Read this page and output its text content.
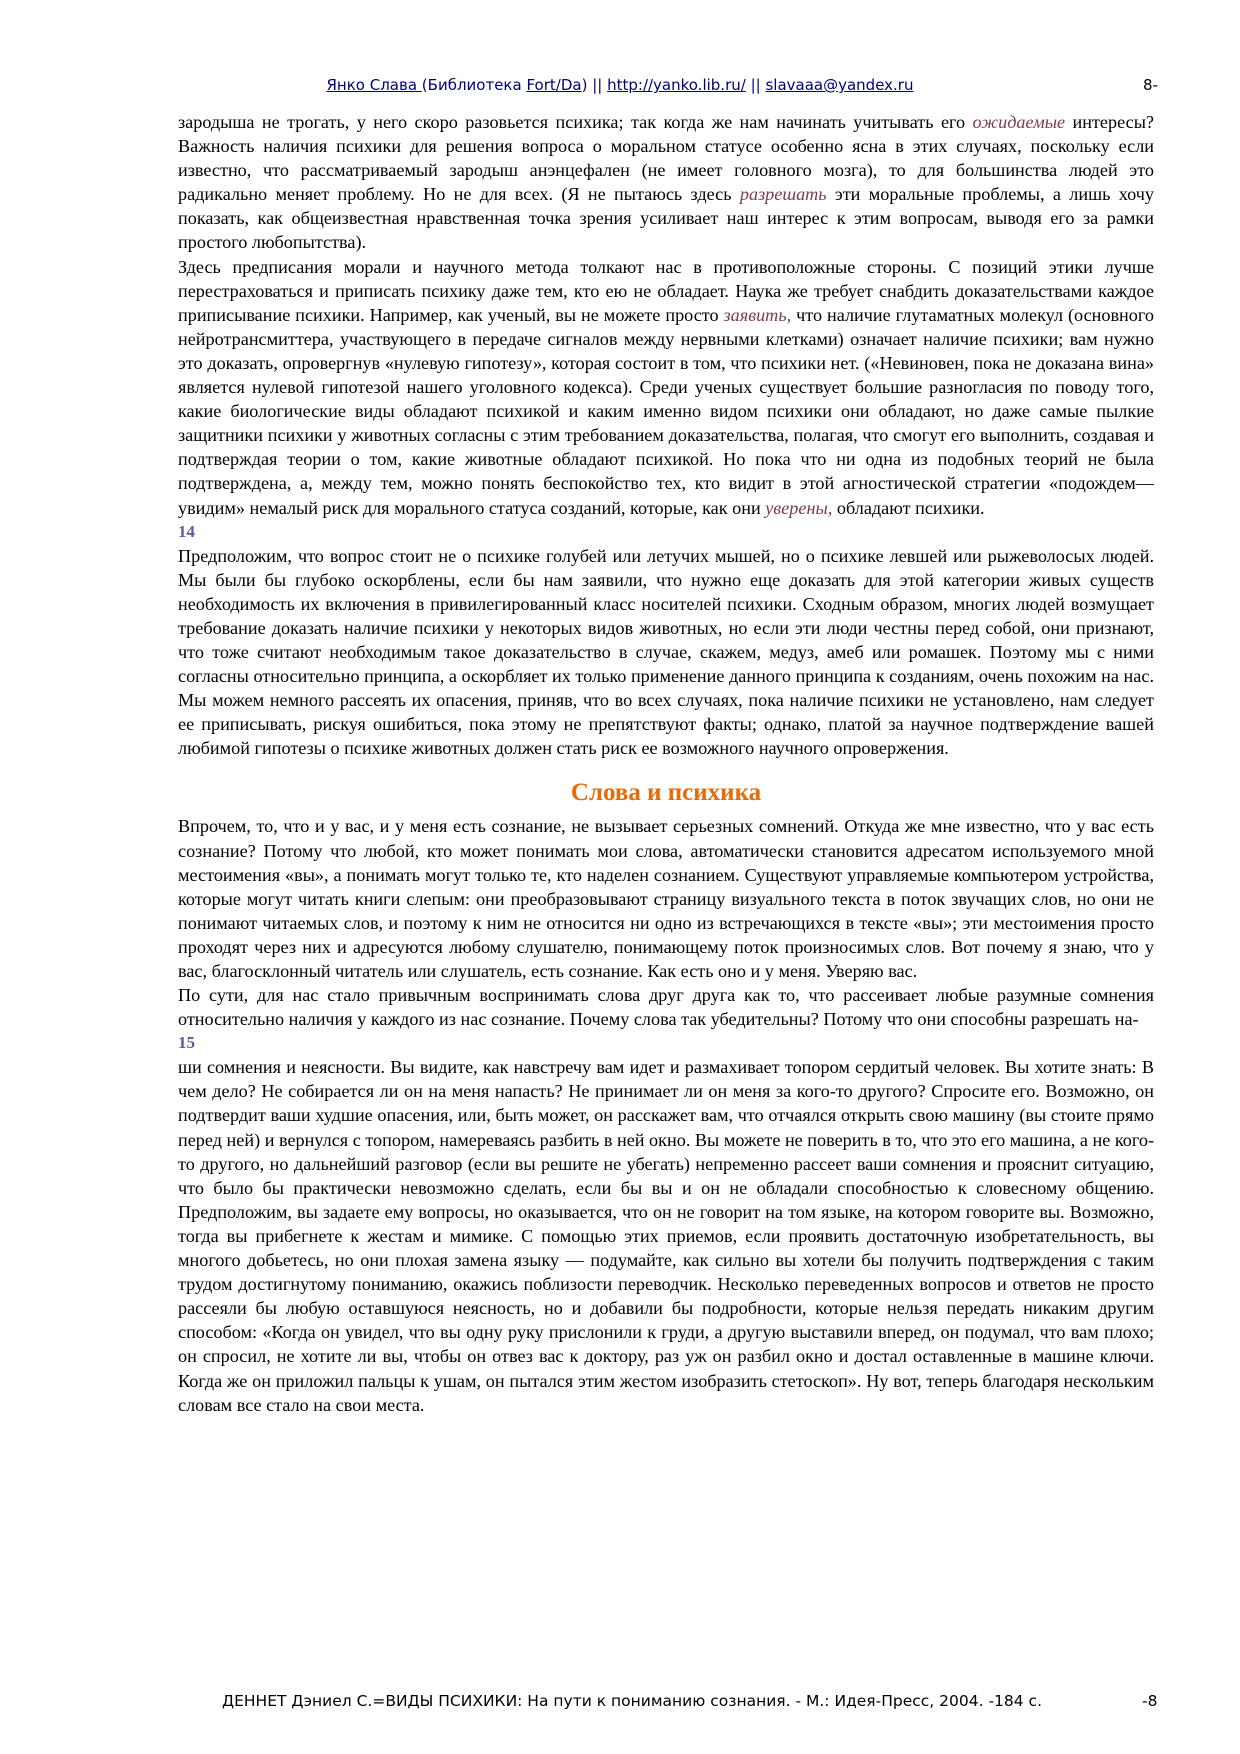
Янко Слава (Библиотека Fort/Da) || http://yanko.lib.ru/ || slavaaa@yandex.ru	8-

зародыша не трогать, у него скоро разовьется психика; так когда же нам начинать учитывать его ожидаемые интересы? Важность наличия психики для решения вопроса о моральном статусе особенно ясна в этих случаях, поскольку если известно, что рассматриваемый зародыш анэнцефален (не имеет головного мозга), то для большинства людей это радикально меняет проблему. Но не для всех. (Я не пытаюсь здесь разрешать эти моральные проблемы, а лишь хочу показать, как общеизвестная нравственная точка зрения усиливает наш интерес к этим вопросам, выводя его за рамки простого любопытства).

Здесь предписания морали и научного метода толкают нас в противоположные стороны. С позиций этики лучше перестраховаться и приписать психику даже тем, кто ею не обладает. Наука же требует снабдить доказательствами каждое приписывание психики. Например, как ученый, вы не можете просто заявить, что наличие глутаматных молекул (основного нейротрансмиттера, участвующего в передаче сигналов между нервными клетками) означает наличие психики; вам нужно это доказать, опровергнув «нулевую гипотезу», которая состоит в том, что психики нет. («Невиновен, пока не доказана вина» является нулевой гипотезой нашего уголовного кодекса). Среди ученых существует большие разногласия по поводу того, какие биологические виды обладают психикой и каким именно видом психики они обладают, но даже самые пылкие защитники психики у животных согласны с этим требованием доказательства, полагая, что смогут его выполнить, создавая и подтверждая теории о том, какие животные обладают психикой. Но пока что ни одна из подобных теорий не была подтверждена, а, между тем, можно понять беспокойство тех, кто видит в этой агностической стратегии «подождем—увидим» немалый риск для морального статуса созданий, которые, как они уверены, обладают психики.

14

Предположим, что вопрос стоит не о психике голубей или летучих мышей, но о психике левшей или рыжеволосых людей. Мы были бы глубоко оскорблены, если бы нам заявили, что нужно еще доказать для этой категории живых существ необходимость их включения в привилегированный класс носителей психики. Сходным образом, многих людей возмущает требование доказать наличие психики у некоторых видов животных, но если эти люди честны перед собой, они признают, что тоже считают необходимым такое доказательство в случае, скажем, медуз, амеб или ромашек. Поэтому мы с ними согласны относительно принципа, а оскорбляет их только применение данного принципа к созданиям, очень похожим на нас. Мы можем немного рассеять их опасения, приняв, что во всех случаях, пока наличие психики не установлено, нам следует ее приписывать, рискуя ошибиться, пока этому не препятствуют факты; однако, платой за научное подтверждение вашей любимой гипотезы о психике животных должен стать риск ее возможного научного опровержения.

Слова и психика

Впрочем, то, что и у вас, и у меня есть сознание, не вызывает серьезных сомнений. Откуда же мне известно, что у вас есть сознание? Потому что любой, кто может понимать мои слова, автоматически становится адресатом используемого мной местоимения «вы», а понимать могут только те, кто наделен сознанием. Существуют управляемые компьютером устройства, которые могут читать книги слепым: они преобразовывают страницу визуального текста в поток звучащих слов, но они не понимают читаемых слов, и поэтому к ним не относится ни одно из встречающихся в тексте «вы»; эти местоимения просто проходят через них и адресуются любому слушателю, понимающему поток произносимых слов. Вот почему я знаю, что у вас, благосклонный читатель или слушатель, есть сознание. Как есть оно и у меня. Уверяю вас.

По сути, для нас стало привычным воспринимать слова друг друга как то, что рассеивает любые разумные сомнения относительно наличия у каждого из нас сознание. Почему слова так убедительны? Потому что они способны разрешать на-

15

ши сомнения и неясности. Вы видите, как навстречу вам идет и размахивает топором сердитый человек. Вы хотите знать: В чем дело? Не собирается ли он на меня напасть? Не принимает ли он меня за кого-то другого? Спросите его. Возможно, он подтвердит ваши худшие опасения, или, быть может, он расскажет вам, что отчаялся открыть свою машину (вы стоите прямо перед ней) и вернулся с топором, намереваясь разбить в ней окно. Вы можете не поверить в то, что это его машина, а не кого-то другого, но дальнейший разговор (если вы решите не убегать) непременно рассеет ваши сомнения и прояснит ситуацию, что было бы практически невозможно сделать, если бы вы и он не обладали способностью к словесному общению. Предположим, вы задаете ему вопросы, но оказывается, что он не говорит на том языке, на котором говорите вы. Возможно, тогда вы прибегнете к жестам и мимике. С помощью этих приемов, если проявить достаточную изобретательность, вы многого добьетесь, но они плохая замена языку — подумайте, как сильно вы хотели бы получить подтверждения с таким трудом достигнутому пониманию, окажись поблизости переводчик. Несколько переведенных вопросов и ответов не просто рассеяли бы любую оставшуюся неясность, но и добавили бы подробности, которые нельзя передать никаким другим способом: «Когда он увидел, что вы одну руку прислонили к груди, а другую выставили вперед, он подумал, что вам плохо; он спросил, не хотите ли вы, чтобы он отвез вас к доктору, раз уж он разбил окно и достал оставленные в машине ключи. Когда же он приложил пальцы к ушам, он пытался этим жестом изобразить стетоскоп». Ну вот, теперь благодаря нескольким словам все стало на свои места.

ДЕННЕТ Дэниел С.=ВИДЫ ПСИХИКИ: На пути к пониманию сознания. - М.: Идея-Пресс, 2004. -184 с.	-8
